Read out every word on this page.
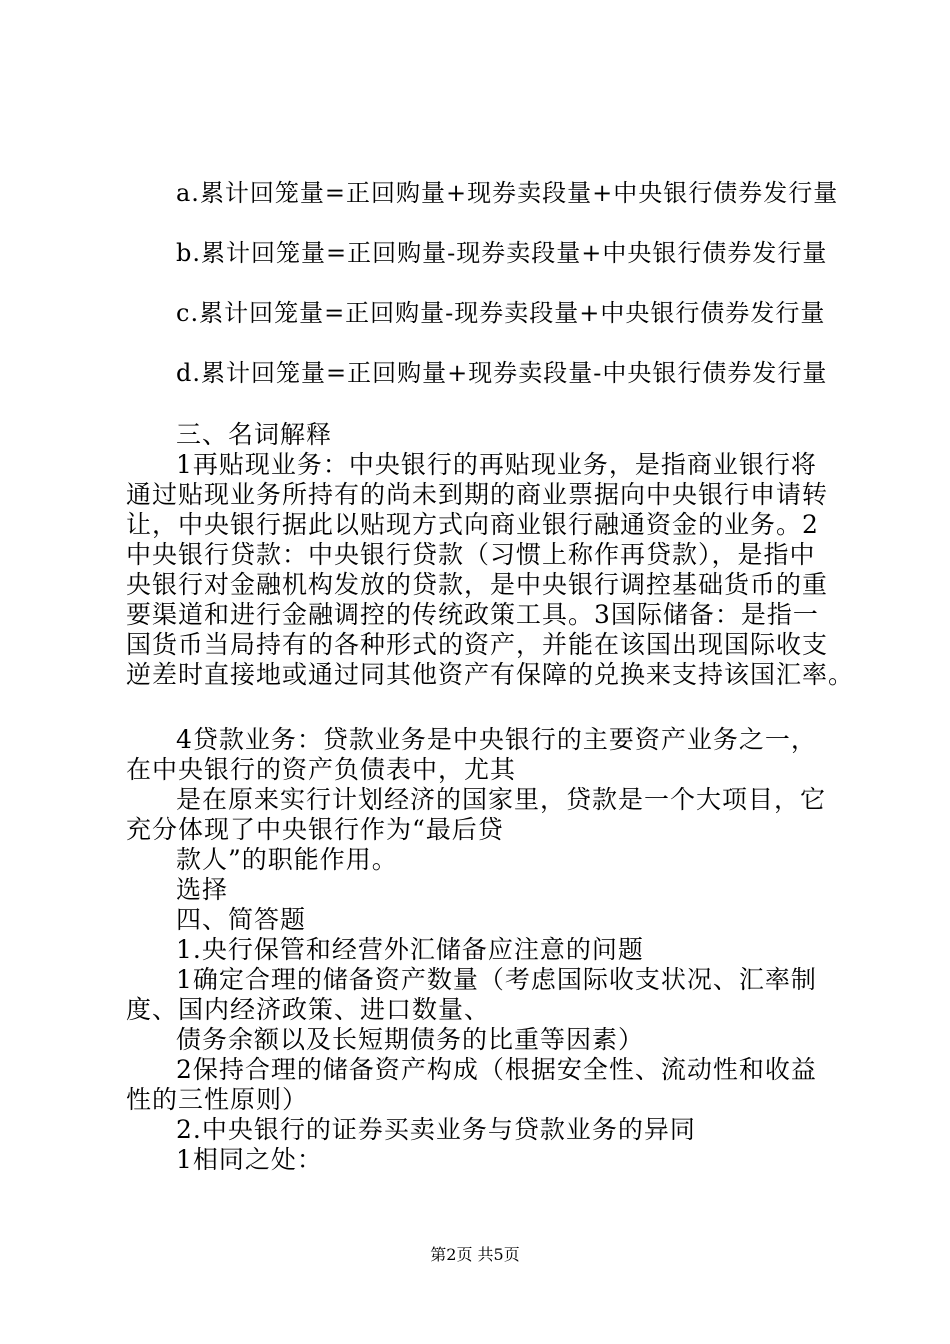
a.累计回笼量=正回购量+现券卖段量+中央银行债券发行量
b.累计回笼量=正回购量-现券卖段量+中央银行债券发行量
c.累计回笼量=正回购量-现券卖段量+中央银行债券发行量
d.累计回笼量=正回购量+现券卖段量-中央银行债券发行量
三、名词解释
1再贴现业务：中央银行的再贴现业务，是指商业银行将
通过贴现业务所持有的尚未到期的商业票据向中央银行申请转
让，中央银行据此以贴现方式向商业银行融通资金的业务。2
中央银行贷款：中央银行贷款（习惯上称作再贷款），是指中
央银行对金融机构发放的贷款，是中央银行调控基础货币的重
要渠道和进行金融调控的传统政策工具。3国际储备：是指一
国货币当局持有的各种形式的资产，并能在该国出现国际收支
逆差时直接地或通过同其他资产有保障的兑换来支持该国汇率。
4贷款业务：贷款业务是中央银行的主要资产业务之一，
在中央银行的资产负债表中，尤其
是在原来实行计划经济的国家里，贷款是一个大项目，它
充分体现了中央银行作为“最后贷
款人”的职能作用。
选择
四、简答题
1.央行保管和经营外汇储备应注意的问题
1确定合理的储备资产数量（考虑国际收支状况、汇率制
度、国内经济政策、进口数量、
债务余额以及长短期债务的比重等因素）
2保持合理的储备资产构成（根据安全性、流动性和收益
性的三性原则）
2.中央银行的证券买卖业务与贷款业务的异同
1相同之处：
第2页 共5页
